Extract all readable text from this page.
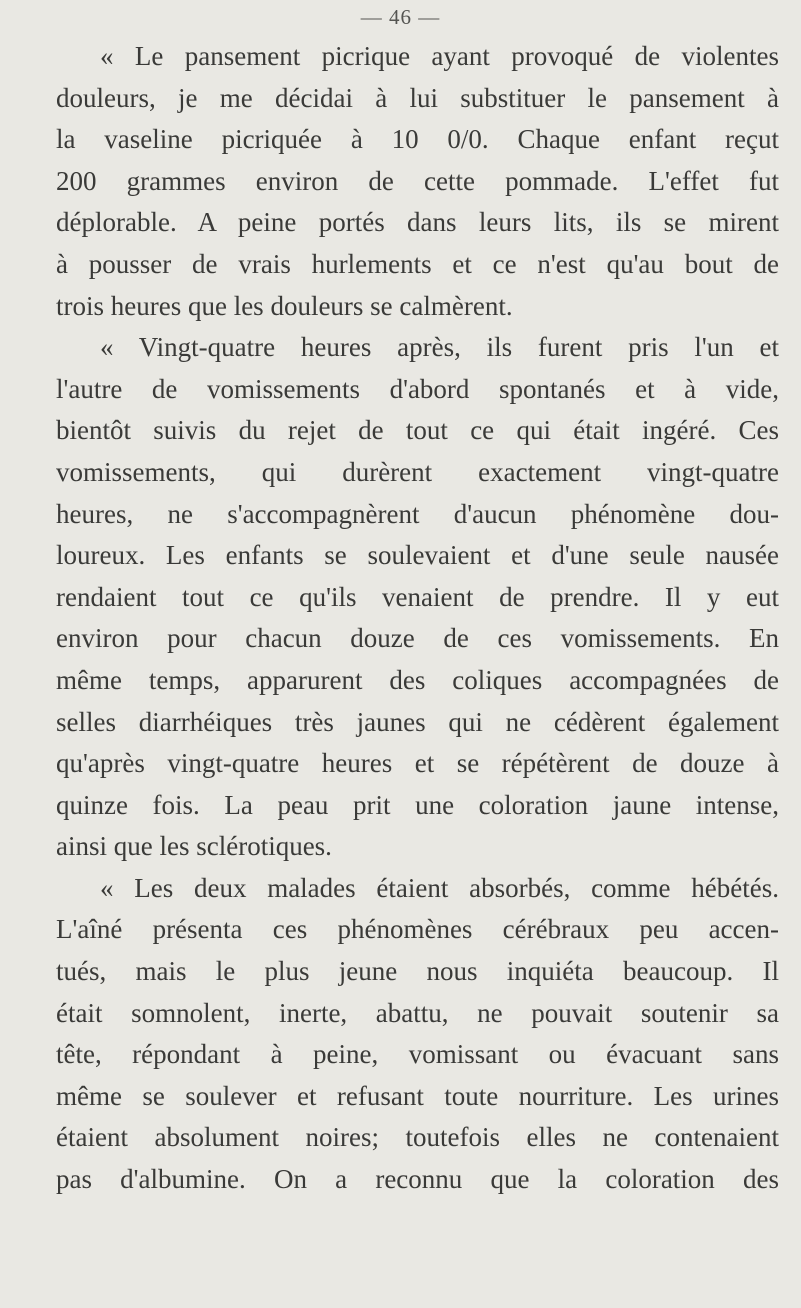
— 46 —
« Le pansement picrique ayant provoqué de violentes
douleurs, je me décidai à lui substituer le pansement à
la vaseline picriquée à 10 0/0. Chaque enfant reçut
200 grammes environ de cette pommade. L'effet fut
déplorable. A peine portés dans leurs lits, ils se mirent
à pousser de vrais hurlements et ce n'est qu'au bout de
trois heures que les douleurs se calmèrent.
« Vingt-quatre heures après, ils furent pris l'un et
l'autre de vomissements d'abord spontanés et à vide,
bientôt suivis du rejet de tout ce qui était ingéré. Ces
vomissements, qui durèrent exactement vingt-quatre
heures, ne s'accompagnèrent d'aucun phénomène dou-
loureux. Les enfants se soulevaient et d'une seule nausée
rendaient tout ce qu'ils venaient de prendre. Il y eut
environ pour chacun douze de ces vomissements. En
même temps, apparurent des coliques accompagnées de
selles diarrhéiques très jaunes qui ne cédèrent également
qu'après vingt-quatre heures et se répétèrent de douze à
quinze fois. La peau prit une coloration jaune intense,
ainsi que les sclérotiques.
« Les deux malades étaient absorbés, comme hébétés.
L'aîné présenta ces phénomènes cérébraux peu accen-
tués, mais le plus jeune nous inquiéta beaucoup. Il
était somnolent, inerte, abattu, ne pouvait soutenir sa
tête, répondant à peine, vomissant ou évacuant sans
même se soulever et refusant toute nourriture. Les urines
étaient absolument noires; toutefois elles ne contenaient
pas d'albumine. On a reconnu que la coloration des
